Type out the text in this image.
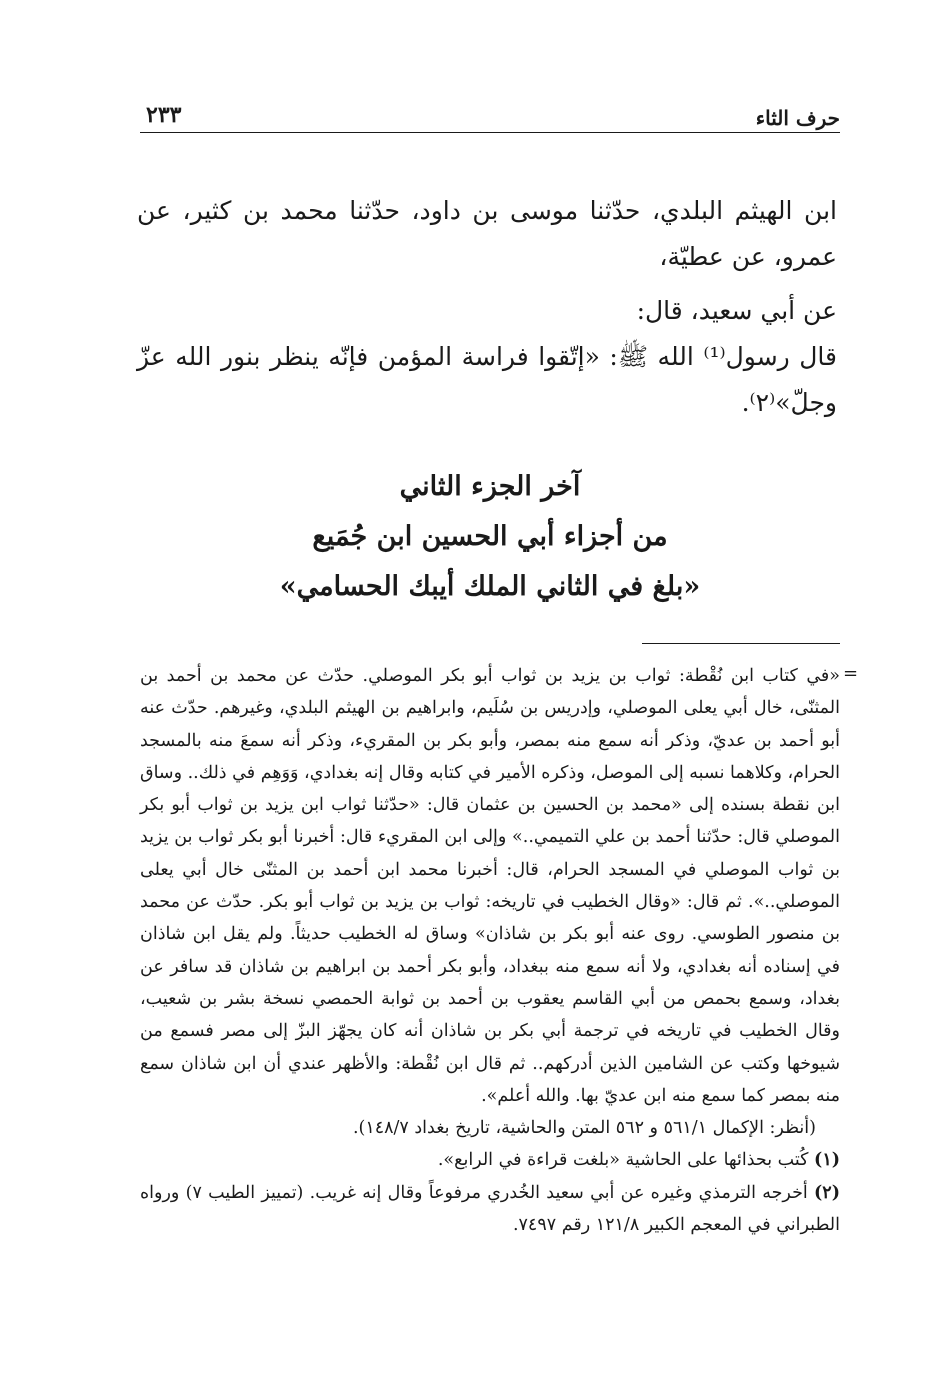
حرف الثاء
٢٣٣

ابن الهيثم البلدي، حدّثنا موسى بن داود، حدّثنا محمد بن كثير، عن عمرو، عن عطيّة،

عن أبي سعيد، قال:

قال رسول⁽¹⁾ الله ﷺ: «إتّقوا فراسة المؤمن فإنّه ينظر بنور الله عزّ وجلّ»⁽٢⁾.

آخر الجزء الثاني
من أجزاء أبي الحسين ابن جُمَيع
«بلغ في الثاني الملك أيبك الحسامي»
=

«في كتاب ابن نُقْطة: ثواب بن يزيد بن ثواب أبو بكر الموصلي. حدّث عن محمد بن أحمد بن المثنّى، خال أبي يعلى الموصلي، وإدريس بن سُلَيم، وابراهيم بن الهيثم البلدي، وغيرهم. حدّث عنه أبو أحمد بن عديّ، وذكر أنه سمع منه بمصر، وأبو بكر بن المقريء، وذكر أنه سمعَ منه بالمسجد الحرام، وكلاهما نسبه إلى الموصل، وذكره الأمير في كتابه وقال إنه بغدادي، وَوَهِم في ذلك.. وساق ابن نقطة بسنده إلى «محمد بن الحسين بن عثمان قال: «حدّثنا ثواب ابن يزيد بن ثواب أبو بكر الموصلي قال: حدّثنا أحمد بن علي التميمي..» وإلى ابن المقريء قال: أخبرنا أبو بكر ثواب بن يزيد بن ثواب الموصلي في المسجد الحرام، قال: أخبرنا محمد ابن أحمد بن المثنّى خال أبي يعلى الموصلي..». ثم قال: «وقال الخطيب في تاريخه: ثواب بن يزيد بن ثواب أبو بكر. حدّث عن محمد بن منصور الطوسي. روى عنه أبو بكر بن شاذان» وساق له الخطيب حديثاً. ولم يقل ابن شاذان في إسناده أنه بغدادي، ولا أنه سمع منه ببغداد، وأبو بكر أحمد بن ابراهيم بن شاذان قد سافر عن بغداد، وسمع بحمص من أبي القاسم يعقوب بن أحمد بن ثوابة الحمصي نسخة بشر بن شعيب، وقال الخطيب في تاريخه في ترجمة أبي بكر بن شاذان أنه كان يجهّز البزّ إلى مصر فسمع من شيوخها وكتب عن الشامين الذين أدركهم.. ثم قال ابن نُقْطة: والأظهر عندي أن ابن شاذان سمع منه بمصر كما سمع منه ابن عديّ بها. والله أعلم».

(أنظر: الإكمال ٥٦١/١ و ٥٦٢ المتن والحاشية، تاريخ بغداد ١٤٨/٧).

(١) كُتب بحذائها على الحاشية «بلغت قراءة في الرابع».

(٢) أخرجه الترمذي وغيره عن أبي سعيد الخُدري مرفوعاً وقال إنه غريب. (تمييز الطيب ٧) ورواه الطبراني في المعجم الكبير ١٢١/٨ رقم ٧٤٩٧.
